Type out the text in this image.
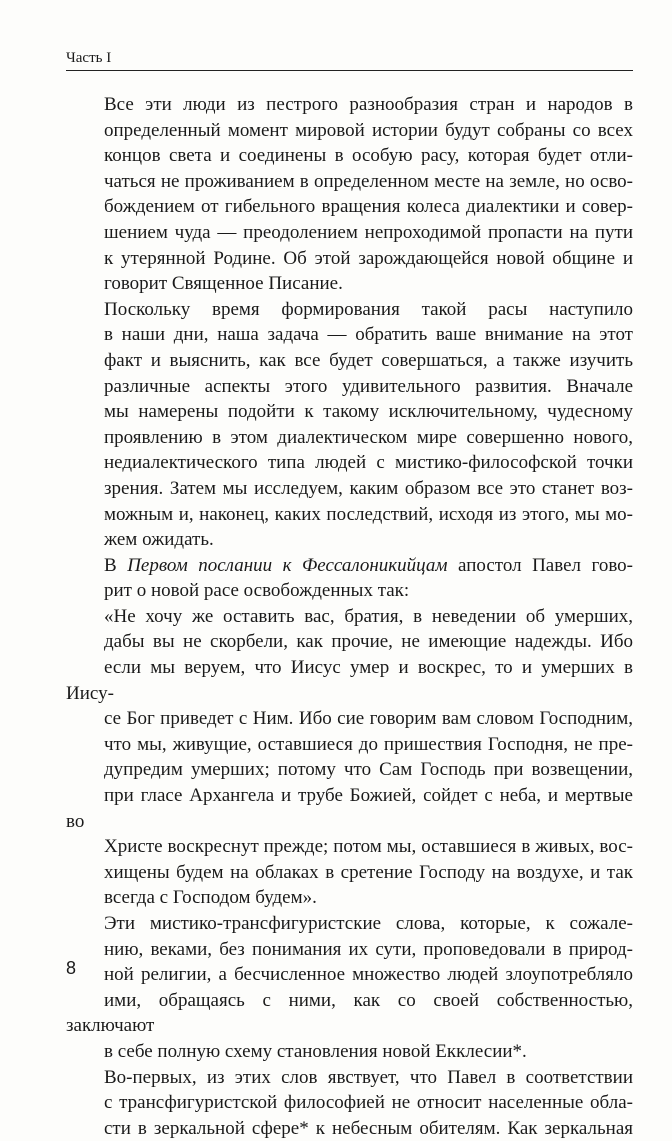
Часть I

Все эти люди из пестрого разнообразия стран и народов в
определенный момент мировой истории будут собраны со всех
концов света и соединены в особую расу, которая будет отли-
чаться не проживанием в определенном месте на земле, но осво-
бождением от гибельного вращения колеса диалектики и совер-
шением чуда — преодолением непроходимой пропасти на пути
к утерянной Родине. Об этой зарождающейся новой общине и
говорит Священное Писание.

Поскольку время формирования такой расы наступило
в наши дни, наша задача — обратить ваше внимание на этот
факт и выяснить, как все будет совершаться, а также изучить
различные аспекты этого удивительного развития. Вначале
мы намерены подойти к такому исключительному, чудесному
проявлению в этом диалектическом мире совершенно нового,
недиалектического типа людей с мистико-философской точки
зрения. Затем мы исследуем, каким образом все это станет воз-
можным и, наконец, каких последствий, исходя из этого, мы мо-
жем ожидать.

В Первом послании к Фессалоникийцам апостол Павел гово-
рит о новой расе освобожденных так:

«Не хочу же оставить вас, братия, в неведении об умерших,
дабы вы не скорбели, как прочие, не имеющие надежды. Ибо
если мы веруем, что Иисус умер и воскрес, то и умерших в Иису-
се Бог приведет с Ним. Ибо сие говорим вам словом Господним,
что мы, живущие, оставшиеся до пришествия Господня, не пре-
дупредим умерших; потому что Сам Господь при возвещении,
при гласе Архангела и трубе Божией, сойдет с неба, и мертвые во
Христе воскреснут прежде; потом мы, оставшиеся в живых, вос-
хищены будем на облаках в сретение Господу на воздухе, и так
всегда с Господом будем».

Эти мистико-трансфигуристские слова, которые, к сожале-
нию, веками, без понимания их сути, проповедовали в природ-
ной религии, а бесчисленное множество людей злоупотребляло
ими, обращаясь с ними, как со своей собственностью, заключают
в себе полную схему становления новой Екклесии*.

Во-первых, из этих слов явствует, что Павел в соответствии
с трансфигуристской философией не относит населенные обла-
сти в зеркальной сфере* к небесным обителям. Как зеркальная

8
